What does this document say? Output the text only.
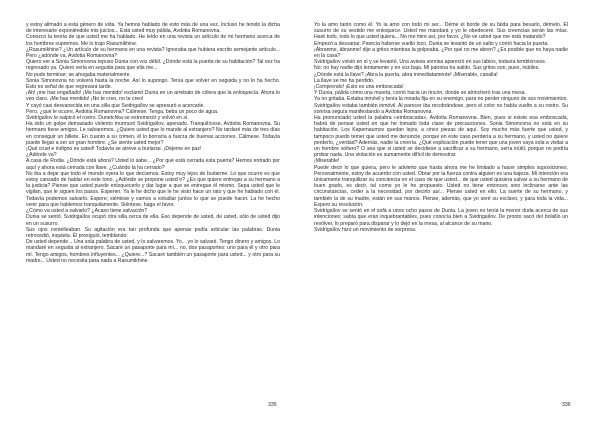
y estoy allmado a esta género de vida. Ya hemos hablado de esto más de una vez. Incluso he tenido la dicha de interesarle exponiéndole mis juicios... Está usted muy pálida, Avdotia Romanovna.

Conozco la teoría de que usted me ha hablado. He leído en una revista un artículo de mi hermano acerca de los hombres supremos. Me lo trajo Rasumikhine.

¿Rasumikhine? ¿Un artículo de su hermano en una revista? Ignoraba que hubiera escrito semejante artículo... Pero ¿adónde va, Avdotia Romanovna?

Quiero ver a Sonia Simonovna repuso Dunia con voz débil. ¿Dónde está la puerta de su habitación? Tal vez ha regresado ya. Quiero verla en seguida para que ella me...

No pudo terminar; se ahogaba materialmente.

Sonia Simonovna no volverá hasta la noche. Así lo supongo. Tenía que volver en seguida y no lo ha hecho. Esto es señal de que regresará tarde.

¡Ah! ¡me has engañado! ¡Me has mentido! exclamó Dunia en un arrebato de cólera que la enloquecía. Ahora lo veo claro. ¡Me has mentido! ¡No te creo, no te creo!

Y cayó casi desvanecida en una silla que Svidrigaïlov se apresuró a acercarle.

Pero, ¿qué le ocurre, Avdotia Romanovna? Cálmese. Tenga, beba un poco de agua.

Svidrigaïlov le salpicó el rostro. Dunetchka se estremeció y volvió en sí.

Ha sido un golpe demasiado violento murmuró Svidrigaïlov, apenado. Tranquilícese, Avdotia Romanovna. Su hermano tiene amigos. Le salvaremos. ¿Quiere usted que lo mande al extranjero? No tardaré más de tres días en conseguir un billete. En cuanto a su crimen, él lo borraría a fuerza de buenas acciones. Cálmese. Todavía puede llegar a ser un gran hombre. ¿Se siente usted mejor?

¡Qué cruel e indigno es usted! Todavía se atreve a burlarse. ¡Déjeme en paz!

¿Adónde va?

A casa de Rodia. ¿Dónde está ahora? Usted lo sabe... ¿Por qué está cerrada esta puerta? Hemos entrado por aquí y ahora está cerrada con llave. ¿Cuándo la ha cerrado?

No iba a dejar que todo el mundo oyera lo que decíamos. Estoy muy lejos de burlarme. Lo que ocurre es que estoy cansado de hablar en este tono. ¿Adónde se propone usted ir? ¿Es que quiere entregar a su hermano a la justicia? Piense que usted puede enloquecerlo y dar lugar a que se entregue él mismo. Sepa usted que le vigilan, que le siguen los pasos. Esperen. Ya le he dicho que le he visto hace un rato y que he hablado con él. Todavía podemos salvarlo. Espere; siéntese y vamos a estudiar juntos lo que se puede hacer. La he hecho venir para que hablemos tranquilamente. Siéntese, haga el favor.

¿Cómo va usted a salvarlo? ¿Acaso tiene salvación?

Dunia se sentó. Svidrigaïlov ocupó otra silla cerca de ella. Eso depende de usted, de usted, sólo de usted dijo en un susurro.

Sus ojos centelleaban. Su agitación era tan profunda que apenas podía articular las palabras. Dunia retrocedió, inquieta. Él prosiguió, temblando:

De usted depende... Una sola palabra de usted, y lo salvaremos. Yo... yo lo salvaré. Tengo dinero y amigos. Lo mandaré en seguida al extranjero. Sacaré un pasaporte para mí... no, dos pasaportes: uno para él y otro para mí. Tengo amigos, hombres influyentes... ¿Quiere...? Sacaré también un pasaporte para usted... y otro para su madre... Usted no necesita para nada a Rasumikhine.

335

Yo la amo tanto como él. Yo la amo con todo mi ser... Déme el borde de su falda para besarlo, démelo. El susurro de su vestido me enloquece. Usted me mandará y yo le obedeceré. Sus creencias serán las mías. Haré todo, todo lo que usted quiera... No me mire así, por favor. ¿No ve usted que me está matando?

Empezó a desvariar. Parecía haberse vuelto loco. Dunia se levantó de un salto y corrió hacia la puerta.

¡Ábranme, ábranme! dijo a gritos mientras la golpeaba. ¿Por qué no me abren? ¿Es posible que no haya nadie en la casa?

Svidrigaïlov volvió en sí y se levantó. Una aviesa sonrisa apareció en sus labios, todavía temblorosos.

No; no hay nadie dijo lentamente y en voz baja. Mi patrona ha salido. Sus gritos son, pues, inútiles.

¿Dónde está la llave? ¡Abra la puerta, abra inmediatamente! ¡Miserable, canalla!

La llave se me ha perdido.

¡Comprendo! ¡Esto es una emboscada!

Y Dunia, pálida como una muerta, corrió hacia un rincón, donde se atrincheró tras una mesa.

Ya no gritaba. Estaba inmóvil y tenía la mirada fija en su enemigo, para no perder ninguno de sus movimientos.

Svidrigaïlov estaba también inmóvil. Al parecer iba recobrándose, pero el color no había vuelto a su rostro. Su sonrisa seguía manifestando a Avdotia Romanovna.

Ha pronunciado usted la palabra «emboscada», Avdotia Romanovna. Bien, pues si existe esa emboscada, habrá de pensar usted en que he tomado toda clase de precauciones. Sonia Simonovna no está en su habitación. Los Kapernaumov quedan lejos, a cinco piezas de aquí. Soy mucho más fuerte que usted, y tampoco puedo temer que usted me denuncie, porque en este caso perdería a su hermano, y usted no quiere perderlo, ¿verdad? Además, nadie la creería. ¿Qué explicación puede tener que una joven vaya sola a visitar a un hombre soltero? O sea que si usted se decidiese a sacrificar a su hermano, sería inútil, porque no podría probar nada. Una violación es sumamente difícil de demostrar.

¡Miserable!

Puede decir lo que quiera, pero le advierto que hasta ahora me he limitado a hacer simples suposiciones. Personalmente, estoy de acuerdo con usted. Obrar por la fuerza contra alguien es una bajeza. Mi intención era únicamente tranquilizar su conciencia en el caso de que usted... de que usted quisiera salvar a su hermano de buen grado, es decir, tal como yo le he propuesto. Usted no tiene entonces sino inclinarse ante las circunstancias, ceder a la necesidad, por decirlo así... Piense usted en ello. La suerte de su hermano, y también la de su madre, están en sus manos. Piense, además, que yo seré su esclavo, y para toda la vida... Espero su resolución.

Svidrigaïlov se sentó en el sofá a unos ocho pasos de Dunia. La joven no tenía la menor duda acerca de sus intenciones; sabía que eran inquebrantables, pues conocía bien a Svidrigaïlov. De pronto sacó del bolsillo un revólver, lo preparó para disparar y lo dejó en la mesa, al alcance de su mano.

Svidrigaïlov hizo un movimiento de sorpresa.

336
